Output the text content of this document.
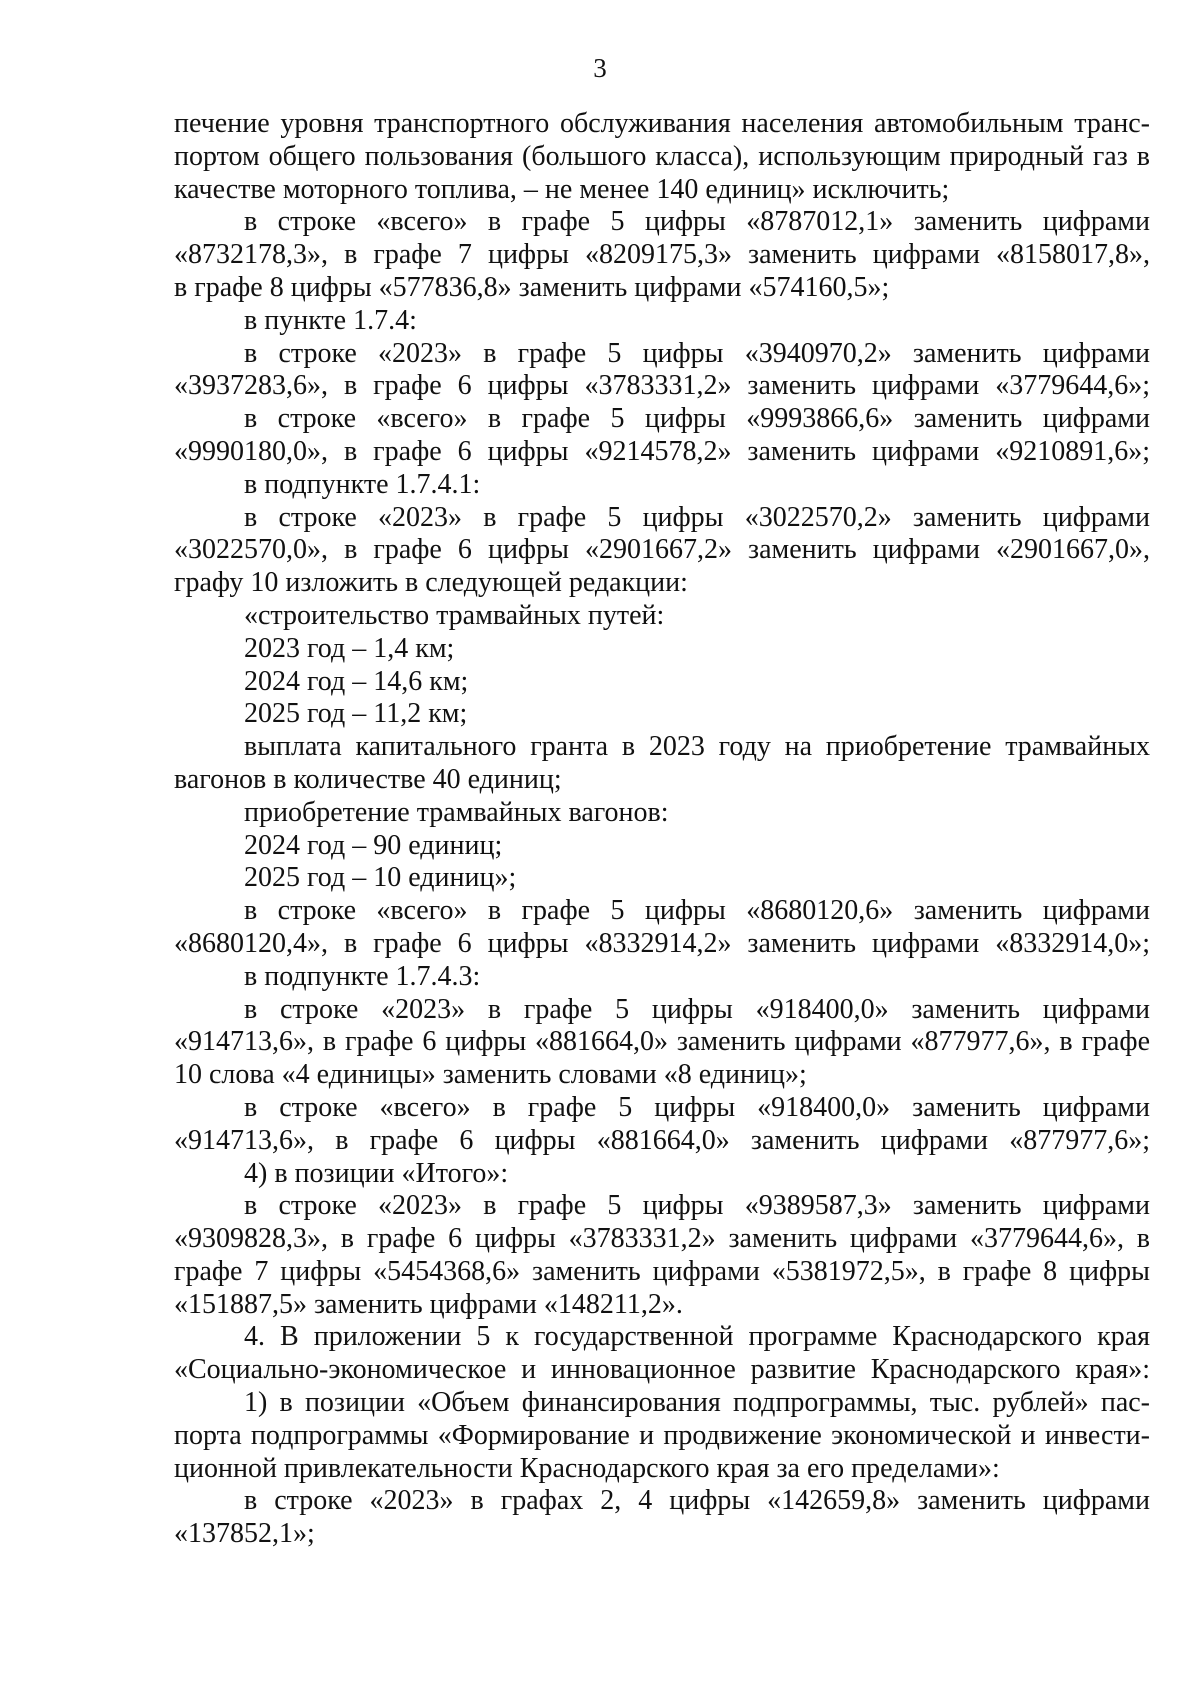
3
печение уровня транспортного обслуживания населения автомобильным транс-
портом общего пользования (большого класса), использующим природный газ в
качестве моторного топлива, – не менее 140 единиц» исключить;
в строке «всего» в графе 5 цифры «8787012,1» заменить цифрами
«8732178,3», в графе 7 цифры «8209175,3» заменить цифрами «8158017,8»,
в графе 8 цифры «577836,8» заменить цифрами «574160,5»;
в пункте 1.7.4:
в строке «2023» в графе 5 цифры «3940970,2» заменить цифрами
«3937283,6», в графе 6 цифры «3783331,2» заменить цифрами «3779644,6»;
в строке «всего» в графе 5 цифры «9993866,6» заменить цифрами
«9990180,0», в графе 6 цифры «9214578,2» заменить цифрами «9210891,6»;
в подпункте 1.7.4.1:
в строке «2023» в графе 5 цифры «3022570,2» заменить цифрами
«3022570,0», в графе 6 цифры «2901667,2» заменить цифрами «2901667,0»,
графу 10 изложить в следующей редакции:
«строительство трамвайных путей:
2023 год – 1,4 км;
2024 год – 14,6 км;
2025 год – 11,2 км;
выплата капитального гранта в 2023 году на приобретение трамвайных
вагонов в количестве 40 единиц;
приобретение трамвайных вагонов:
2024 год – 90 единиц;
2025 год – 10 единиц»;
в строке «всего» в графе 5 цифры «8680120,6» заменить цифрами
«8680120,4», в графе 6 цифры «8332914,2» заменить цифрами «8332914,0»;
в подпункте 1.7.4.3:
в строке «2023» в графе 5 цифры «918400,0» заменить цифрами
«914713,6», в графе 6 цифры «881664,0» заменить цифрами «877977,6», в графе
10 слова «4 единицы» заменить словами «8 единиц»;
в строке «всего» в графе 5 цифры «918400,0» заменить цифрами
«914713,6», в графе 6 цифры «881664,0» заменить цифрами «877977,6»;
4) в позиции «Итого»:
в строке «2023» в графе 5 цифры «9389587,3» заменить цифрами
«9309828,3», в графе 6 цифры «3783331,2» заменить цифрами «3779644,6», в
графе 7 цифры «5454368,6» заменить цифрами «5381972,5», в графе 8 цифры
«151887,5» заменить цифрами «148211,2».
4. В приложении 5 к государственной программе Краснодарского края
«Социально-экономическое и инновационное развитие Краснодарского края»:
1) в позиции «Объем финансирования подпрограммы, тыс. рублей» пас-
порта подпрограммы «Формирование и продвижение экономической и инвести-
ционной привлекательности Краснодарского края за его пределами»:
в строке «2023» в графах 2, 4 цифры «142659,8» заменить цифрами
«137852,1»;
